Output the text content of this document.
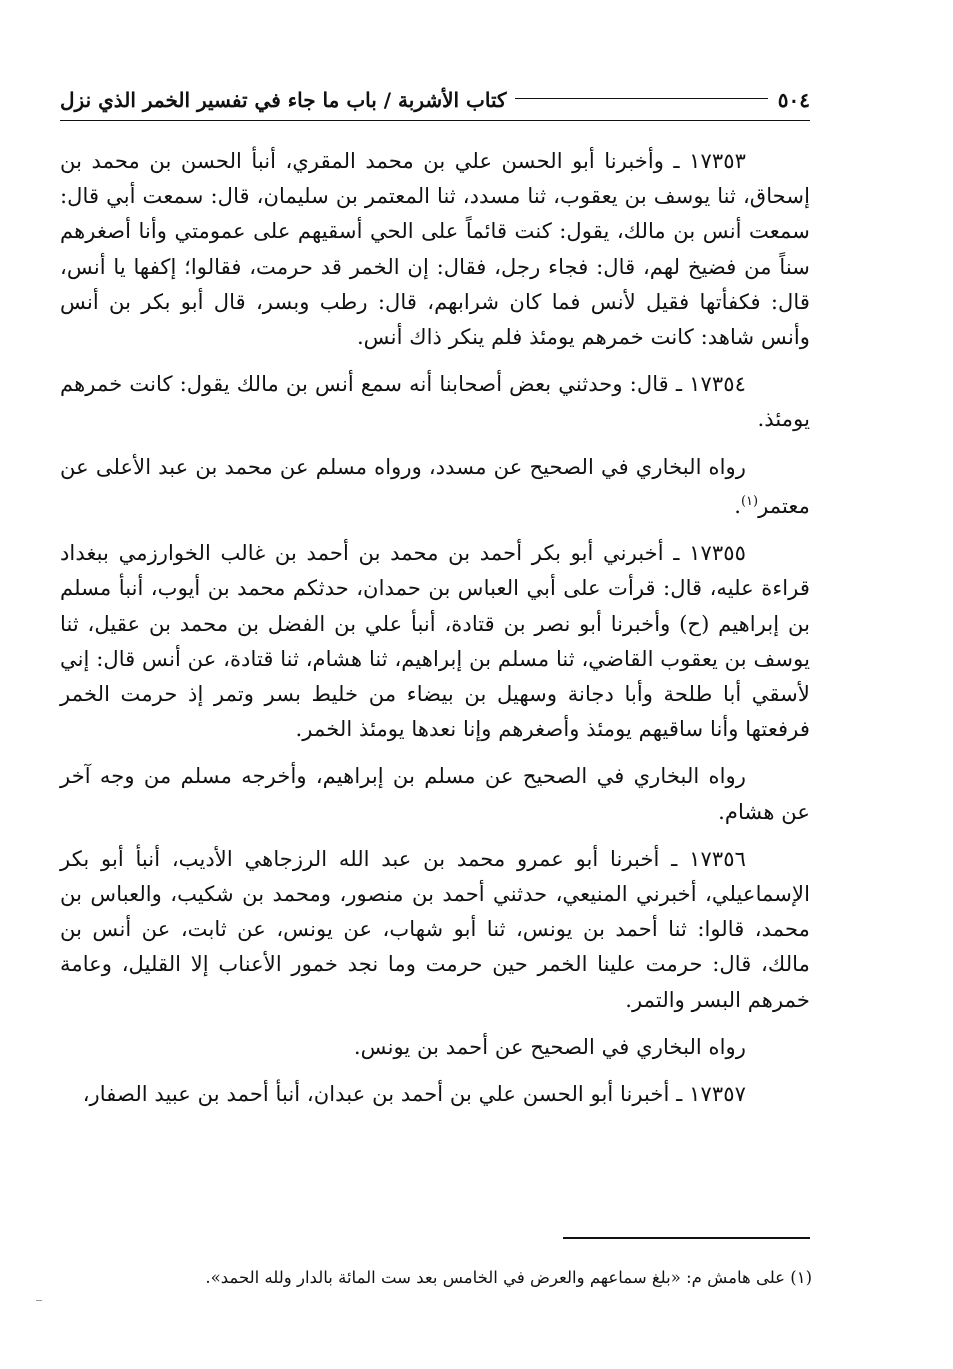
٥٠٤
كتاب الأشربة / باب ما جاء في تفسير الخمر الذي نزل

١٧٣٥٣ ـ وأخبرنا أبو الحسن علي بن محمد المقري، أنبأ الحسن بن محمد بن إسحاق، ثنا يوسف بن يعقوب، ثنا مسدد، ثنا المعتمر بن سليمان، قال: سمعت أبي قال: سمعت أنس بن مالك، يقول: كنت قائماً على الحي أسقيهم على عمومتي وأنا أصغرهم سناً من فضيخ لهم، قال: فجاء رجل، فقال: إن الخمر قد حرمت، فقالوا؛ إكفها يا أنس، قال: فكفأتها فقيل لأنس فما كان شرابهم، قال: رطب وبسر، قال أبو بكر بن أنس وأنس شاهد: كانت خمرهم يومئذ فلم ينكر ذاك أنس.

١٧٣٥٤ ـ قال: وحدثني بعض أصحابنا أنه سمع أنس بن مالك يقول: كانت خمرهم يومئذ.

رواه البخاري في الصحيح عن مسدد، ورواه مسلم عن محمد بن عبد الأعلى عن معتمر$^{(١)}$.

١٧٣٥٥ ـ أخبرني أبو بكر أحمد بن محمد بن أحمد بن غالب الخوارزمي ببغداد قراءة عليه، قال: قرأت على أبي العباس بن حمدان، حدثكم محمد بن أيوب، أنبأ مسلم بن إبراهيم (ح) وأخبرنا أبو نصر بن قتادة، أنبأ علي بن الفضل بن محمد بن عقيل، ثنا يوسف بن يعقوب القاضي، ثنا مسلم بن إبراهيم، ثنا هشام، ثنا قتادة، عن أنس قال: إني لأسقي أبا طلحة وأبا دجانة وسهيل بن بيضاء من خليط بسر وتمر إذ حرمت الخمر فرفعتها وأنا ساقيهم يومئذ وأصغرهم وإنا نعدها يومئذ الخمر.

رواه البخاري في الصحيح عن مسلم بن إبراهيم، وأخرجه مسلم من وجه آخر عن هشام.

١٧٣٥٦ ـ أخبرنا أبو عمرو محمد بن عبد الله الرزجاهي الأديب، أنبأ أبو بكر الإسماعيلي، أخبرني المنيعي، حدثني أحمد بن منصور، ومحمد بن شكيب، والعباس بن محمد، قالوا: ثنا أحمد بن يونس، ثنا أبو شهاب، عن يونس، عن ثابت، عن أنس بن مالك، قال: حرمت علينا الخمر حين حرمت وما نجد خمور الأعناب إلا القليل، وعامة خمرهم البسر والتمر.

رواه البخاري في الصحيح عن أحمد بن يونس.

١٧٣٥٧ ـ أخبرنا أبو الحسن علي بن أحمد بن عبدان، أنبأ أحمد بن عبيد الصفار،

(١) على هامش م: «بلغ سماعهم والعرض في الخامس بعد ست المائة بالدار ولله الحمد».
